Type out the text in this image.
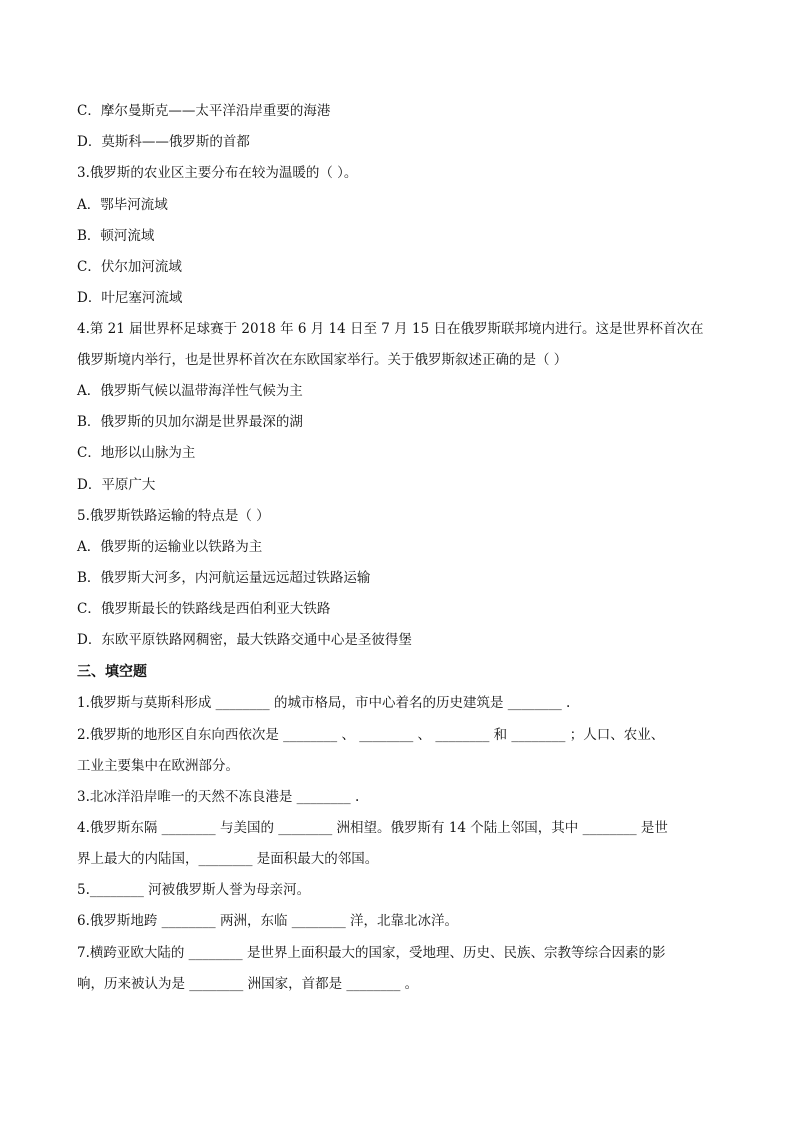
C．摩尔曼斯克——太平洋沿岸重要的海港
D．莫斯科——俄罗斯的首都
3.俄罗斯的农业区主要分布在较为温暖的（ ）。
A．鄂毕河流域
B．顿河流域
C．伏尔加河流域
D．叶尼塞河流域
4.第 21 届世界杯足球赛于 2018 年 6 月 14 日至 7 月 15 日在俄罗斯联邦境内进行。这是世界杯首次在
俄罗斯境内举行，也是世界杯首次在东欧国家举行。关于俄罗斯叙述正确的是（ ）
A．俄罗斯气候以温带海洋性气候为主
B．俄罗斯的贝加尔湖是世界最深的湖
C．地形以山脉为主
D．平原广大
5.俄罗斯铁路运输的特点是（ ）
A．俄罗斯的运输业以铁路为主
B．俄罗斯大河多，内河航运量远远超过铁路运输
C．俄罗斯最长的铁路线是西伯利亚大铁路
D．东欧平原铁路网稠密，最大铁路交通中心是圣彼得堡
三、填空题
1.俄罗斯与莫斯科形成 ________ 的城市格局，市中心着名的历史建筑是 ________ .
2.俄罗斯的地形区自东向西依次是 ________ 、 ________ 、 ________ 和 ________ ；人口、农业、
工业主要集中在欧洲部分。
3.北冰洋沿岸唯一的天然不冻良港是 ________ .
4.俄罗斯东隔 ________ 与美国的 ________ 洲相望。俄罗斯有 14 个陆上邻国，其中 ________ 是世
界上最大的内陆国，________ 是面积最大的邻国。
5.________ 河被俄罗斯人誉为母亲河。
6.俄罗斯地跨 ________ 两洲，东临 ________ 洋，北靠北冰洋。
7.横跨亚欧大陆的 ________ 是世界上面积最大的国家，受地理、历史、民族、宗教等综合因素的影
响，历来被认为是 ________ 洲国家，首都是 ________ 。
